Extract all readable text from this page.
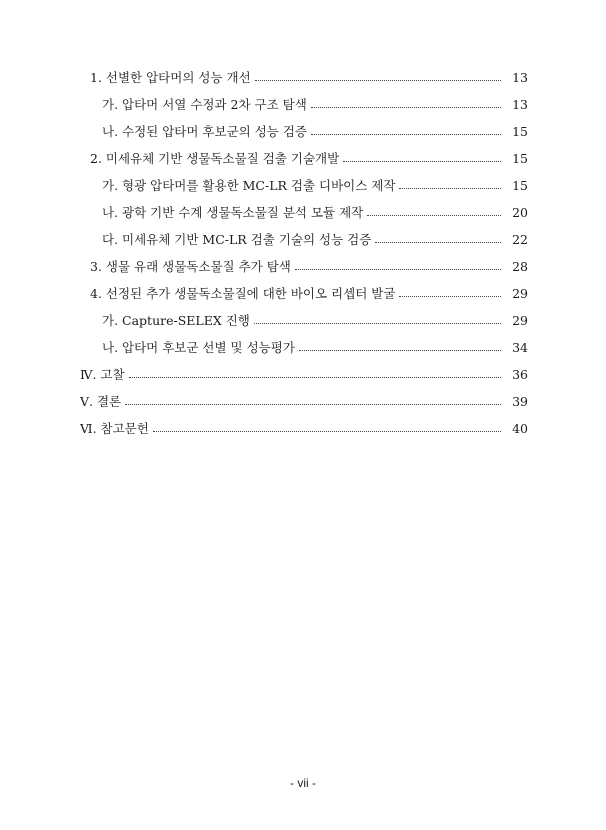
1. 선별한 압타머의 성능 개선	13
가. 압타머 서열 수정과 2차 구조 탐색	13
나. 수정된 압타머 후보군의 성능 검증	15
2. 미세유체 기반 생물독소물질 검출 기술개발	15
가. 형광 압타머를 활용한 MC-LR 검출 디바이스 제작	15
나. 광학 기반 수계 생물독소물질 분석 모듈 제작	20
다. 미세유체 기반 MC-LR 검출 기술의 성능 검증	22
3. 생물 유래 생물독소물질 추가 탐색	28
4. 선정된 추가 생물독소물질에 대한 바이오 리셉터 발굴	29
가. Capture-SELEX 진행	29
나. 압타머 후보군 선별 및 성능평가	34
Ⅳ. 고찰	36
Ⅴ. 결론	39
Ⅵ. 참고문헌	40
- vii -
